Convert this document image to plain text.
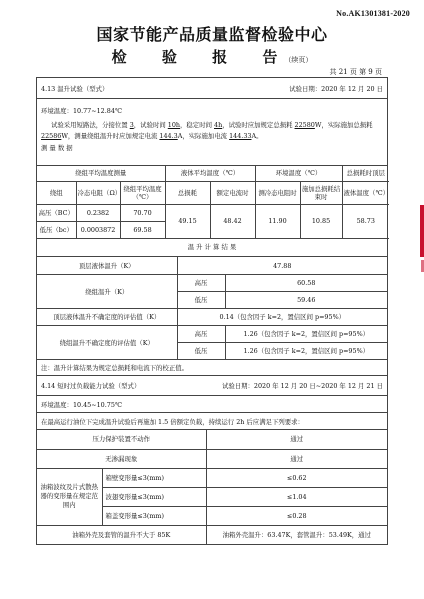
No.AK1301381-2020
国家节能产品质量监督检验中心
检 验 报 告（续页）
共 21 页 第 9 页
4.13 温升试验（型式）	试验日期：2020 年 12 月 20 日
环境温度：10.77~12.84℃
试验采用短路法，分接位置 3，试验时间 10h，稳定时间 4h，试验时应加规定总损耗 22580W，实际施加总损耗 22586W，测量绕组温升时应加规定电流 144.3A，实际施加电流 144.33A。
测 量 数 据
绕组平均温度测量			液体平均温度（℃）		环境温度（℃）		总损耗时顶层
绕组	冷态电阻（Ω）	绕组平均温度（℃）	总损耗	额定电流时	测冷态电阻时	施加总损耗结束时	液体温度（℃）
高压（BC）	0.2382	70.70	49.15	48.42	11.90	10.85	58.73
低压（bc）	0.0003872	69.58					
温 升 计 算 结 果		
顶层液体温升（K）	47.88	
绕组温升（K）	高压	60.58
	低压	59.46
顶层液体温升不确定度的评估值（K）	0.14（包含因子 k=2，置信区间 p=95%）	
绕组温升不确定度的评估值（K）	高压	1.26（包含因子 k=2，置信区间 p=95%）
	低压	1.26（包含因子 k=2，置信区间 p=95%）
注：温升计算结果为规定总损耗和电流下的校正值。
4.14 短时过负载能力试验（型式）	试验日期：2020 年 12 月 20 日~2020 年 12 月 21 日
环境温度：10.45~10.75℃
在最高运行油位下完成温升试验后再施加 1.5 倍额定负载，持续运行 2h 后应满足下列要求：
压力保护装置不动作		通过
无渗漏现象		通过
油箱波纹及片式散热器的变形量在规定范围内	箱壁变形量≤3(mm)	≤0.62
	波翅变形量≤3(mm)	≤1.04
	箱盖变形量≤3(mm)	≤0.28
油箱外壳及套管的温升不大于 85K		油箱外壳温升：63.47K，套管温升：53.49K，通过
